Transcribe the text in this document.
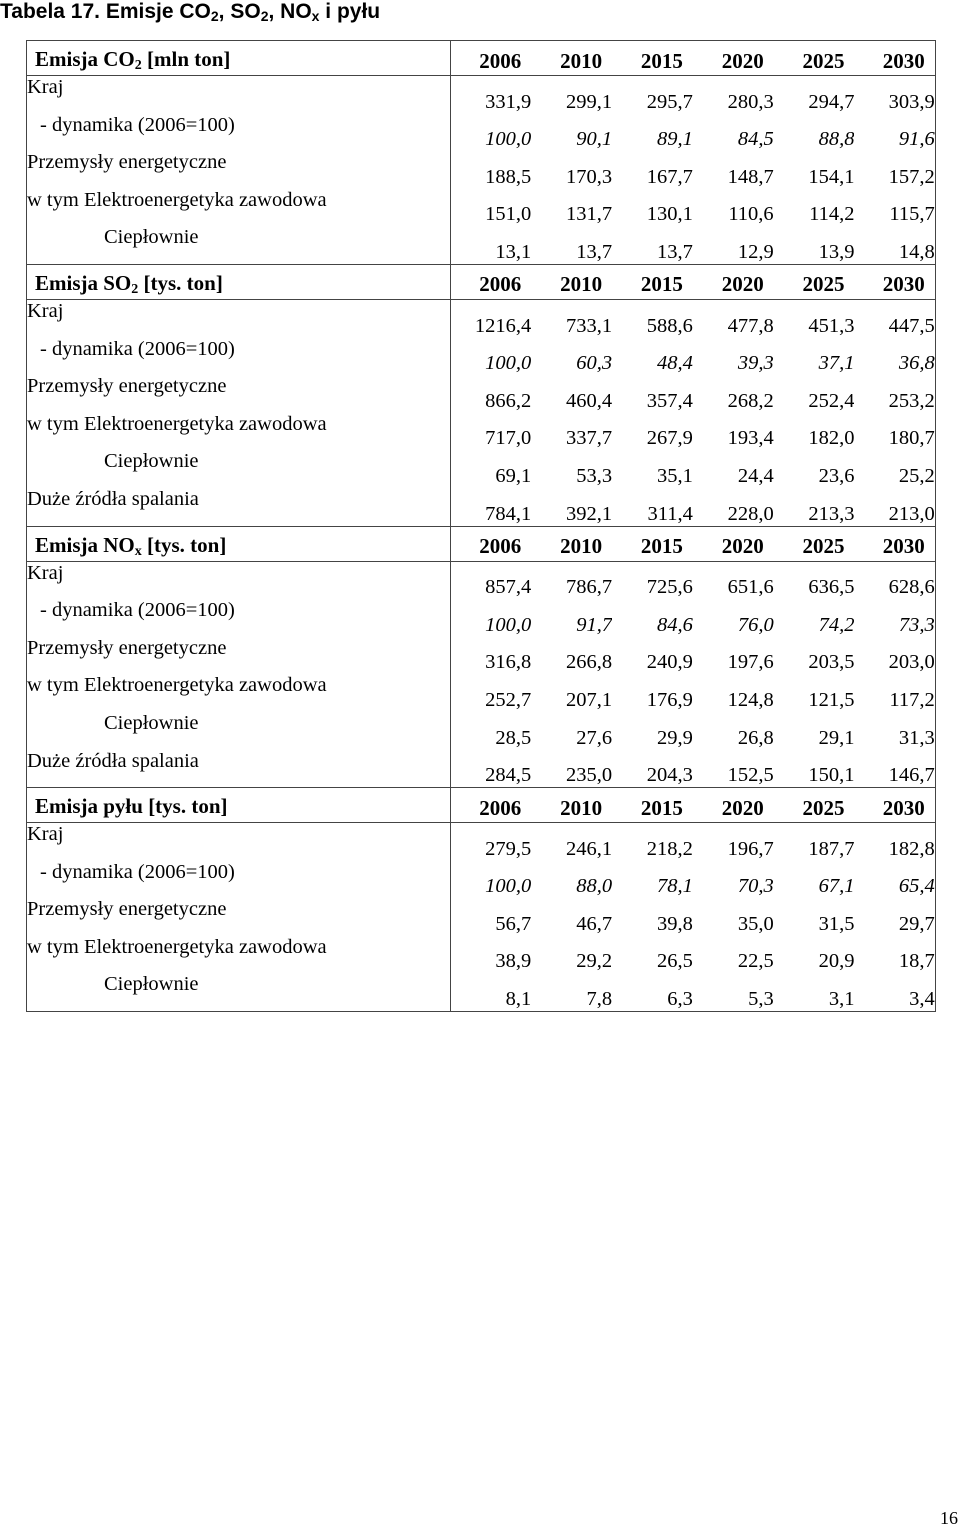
Tabela 17. Emisje $CO_2$, $SO_2$, $NO_x$ i pyłu
Emisja $CO_2$ [mln ton]	2006	2010	2015	2020	2025	2030
Kraj	331,9	299,1	295,7	280,3	294,7	303,9
- dynamika (2006=100)	100,0	90,1	89,1	84,5	88,8	91,6
Przemysły energetyczne	188,5	170,3	167,7	148,7	154,1	157,2
w tym Elektroenergetyka zawodowa	151,0	131,7	130,1	110,6	114,2	115,7
Ciepłownie	13,1	13,7	13,7	12,9	13,9	14,8
Emisja $SO_2$ [tys. ton]	2006	2010	2015	2020	2025	2030
Kraj	1216,4	733,1	588,6	477,8	451,3	447,5
- dynamika (2006=100)	100,0	60,3	48,4	39,3	37,1	36,8
Przemysły energetyczne	866,2	460,4	357,4	268,2	252,4	253,2
w tym Elektroenergetyka zawodowa	717,0	337,7	267,9	193,4	182,0	180,7
Ciepłownie	69,1	53,3	35,1	24,4	23,6	25,2
Duże źródła spalania	784,1	392,1	311,4	228,0	213,3	213,0
Emisja $NO_x$ [tys. ton]	2006	2010	2015	2020	2025	2030
Kraj	857,4	786,7	725,6	651,6	636,5	628,6
- dynamika (2006=100)	100,0	91,7	84,6	76,0	74,2	73,3
Przemysły energetyczne	316,8	266,8	240,9	197,6	203,5	203,0
w tym Elektroenergetyka zawodowa	252,7	207,1	176,9	124,8	121,5	117,2
Ciepłownie	28,5	27,6	29,9	26,8	29,1	31,3
Duże źródła spalania	284,5	235,0	204,3	152,5	150,1	146,7
Emisja pyłu [tys. ton]	2006	2010	2015	2020	2025	2030
Kraj	279,5	246,1	218,2	196,7	187,7	182,8
- dynamika (2006=100)	100,0	88,0	78,1	70,3	67,1	65,4
Przemysły energetyczne	56,7	46,7	39,8	35,0	31,5	29,7
w tym Elektroenergetyka zawodowa	38,9	29,2	26,5	22,5	20,9	18,7
Ciepłownie	8,1	7,8	6,3	5,3	3,1	3,4
16
